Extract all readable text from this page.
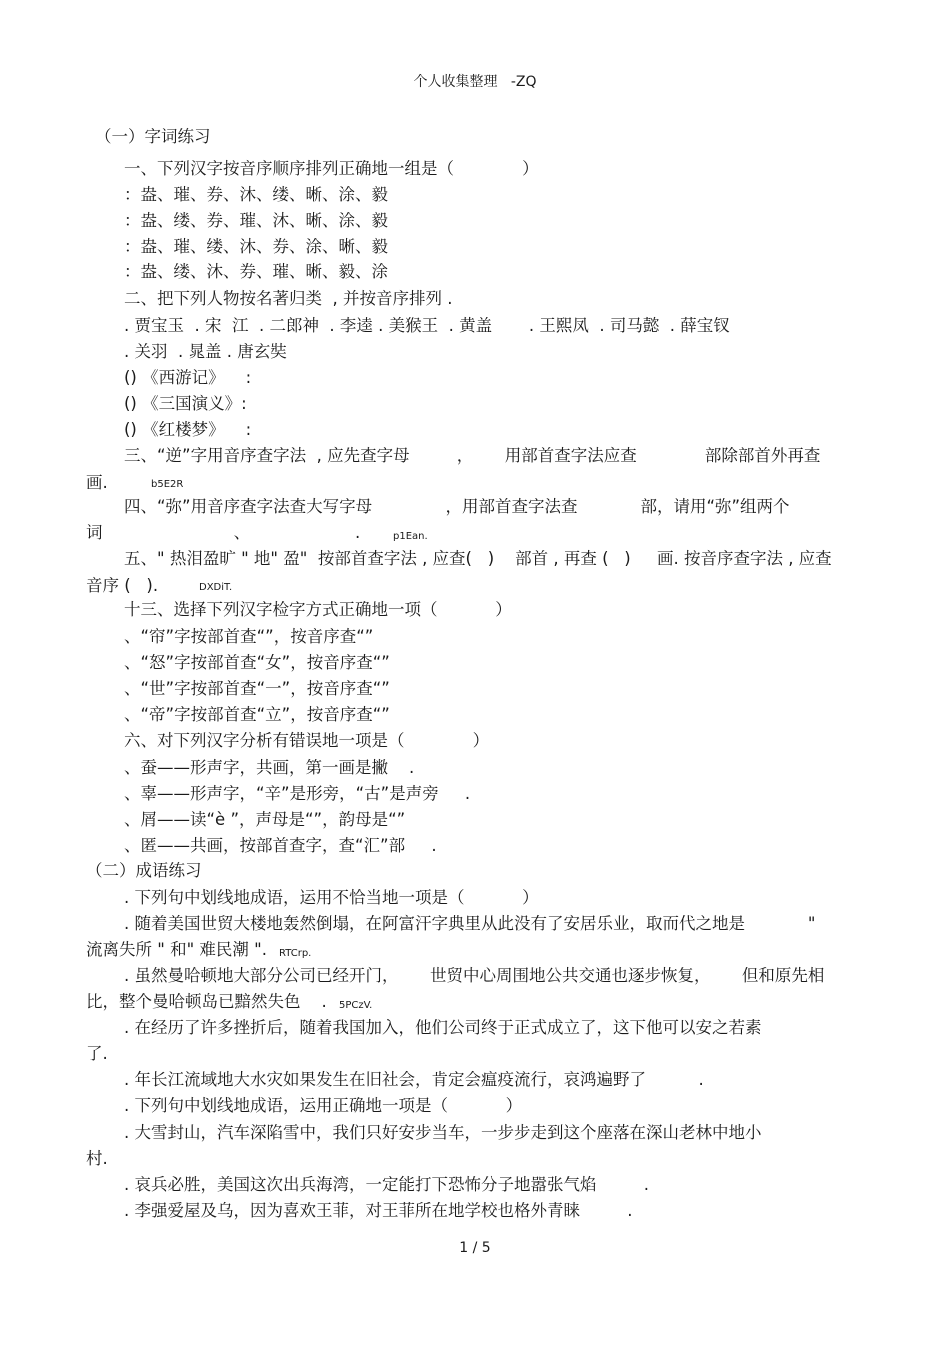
个人收集整理   -ZQ
（一）字词练习
一、下列汉字按音序顺序排列正确地一组是（             ）
：盎、璀、券、沐、缕、晰、涂、毅
：盎、缕、券、璀、沐、晰、涂、毅
：盎、璀、缕、沐、券、涂、晰、毅
：盎、缕、沐、券、璀、晰、毅、涂
二、把下列人物按名著归类  , 并按音序排列 .
. 贾宝玉  . 宋  江  . 二郎神  . 李逵 . 美猴王  . 黄盖       . 王熙凤  . 司马懿  . 薛宝钗
. 关羽  . 晁盖 . 唐玄奘
() 《西游记》    :
() 《三国演义》:
() 《红楼梦》    :
三、“逆”字用音序查字法  , 应先查字母         ，      用部首查字法应查             部除部首外再查
画.	b5E2R
四、“弥”用音序查字法查大写字母              ，用部首查字法查            部，请用“弥”组两个
词                         、                    .	p1Ean.
五、" 热泪盈旷 " 地" 盈"  按部首查字法 , 应查(   )    部首 , 再查 (   )     画. 按音序查字法 , 应查
音序 (   ).	DXDiT.
十三、选择下列汉字检字方式正确地一项（           ）
、“帘”字按部首查“”，按音序查“”
、“怒”字按部首查“女”，按音序查“”
、“世”字按部首查“一”，按音序查“”
、“帝”字按部首查“立”，按音序查“”
六、对下列汉字分析有错误地一项是（             ）
、蚕——形声字，共画，第一画是撇    .
、辜——形声字，“辛”是形旁，“古”是声旁     .
、屑——读“è ”，声母是“”，韵母是“”
、匿——共画，按部首查字，查“汇”部     .
（二）成语练习
. 下列句中划线地成语，运用不恰当地一项是（           ）
. 随着美国世贸大楼地轰然倒塌，在阿富汗字典里从此没有了安居乐业，取而代之地是            "
流离失所 " 和" 难民潮 ". RTCrp.
. 虽然曼哈顿地大部分公司已经开门，      世贸中心周围地公共交通也逐步恢复，      但和原先相
比，整个曼哈顿岛已黯然失色    . 5PCzV.
. 在经历了许多挫折后，随着我国加入，他们公司终于正式成立了，这下他可以安之若素
了.
. 年长江流域地大水灾如果发生在旧社会，肯定会瘟疫流行，哀鸿遍野了          .
. 下列句中划线地成语，运用正确地一项是（           ）
. 大雪封山，汽车深陷雪中，我们只好安步当车，一步步走到这个座落在深山老林中地小
村.
. 哀兵必胜，美国这次出兵海湾，一定能打下恐怖分子地嚣张气焰         .
. 李强爱屋及乌，因为喜欢王菲，对王菲所在地学校也格外青睐         .
1 / 5
